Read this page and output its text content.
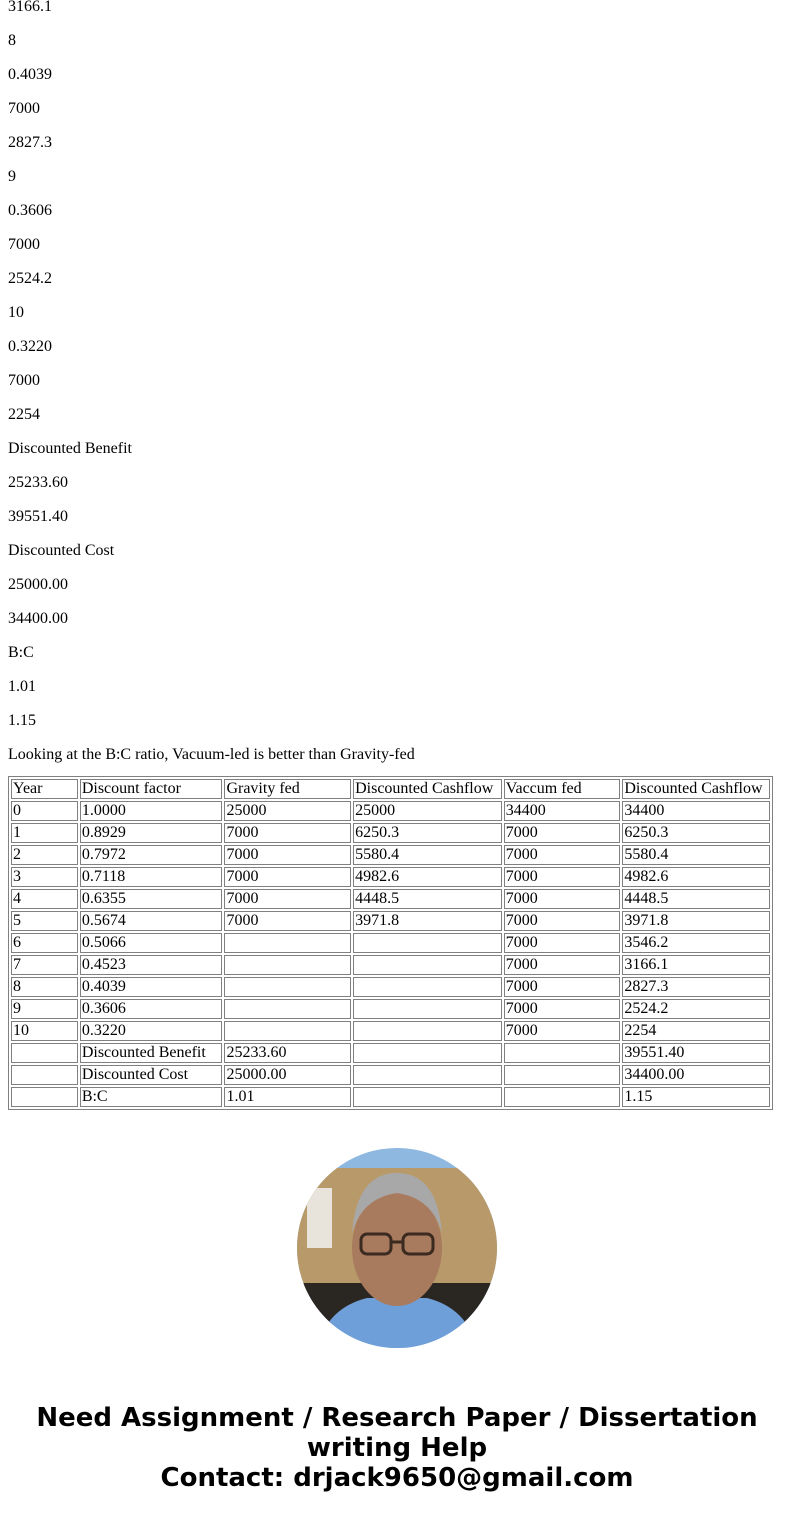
3166.1

8

0.4039

7000

2827.3

9

0.3606

7000

2524.2

10

0.3220

7000

2254

Discounted Benefit

25233.60

39551.40

Discounted Cost

25000.00

34400.00

B:C

1.01

1.15

Looking at the B:C ratio, Vacuum-led is better than Gravity-fed

Year	Discount factor	Gravity fed	Discounted Cashflow	Vaccum fed	Discounted Cashflow
0	1.0000	25000	25000	34400	34400
1	0.8929	7000	6250.3	7000	6250.3
2	0.7972	7000	5580.4	7000	5580.4
3	0.7118	7000	4982.6	7000	4982.6
4	0.6355	7000	4448.5	7000	4448.5
5	0.5674	7000	3971.8	7000	3971.8
6	0.5066			7000	3546.2
7	0.4523			7000	3166.1
8	0.4039			7000	2827.3
9	0.3606			7000	2524.2
10	0.3220			7000	2254
	Discounted Benefit	25233.60			39551.40
	Discounted Cost	25000.00			34400.00
	B:C	1.01			1.15
Need Assignment / Research Paper / Dissertation writing Help
Contact: drjack9650@gmail.com
